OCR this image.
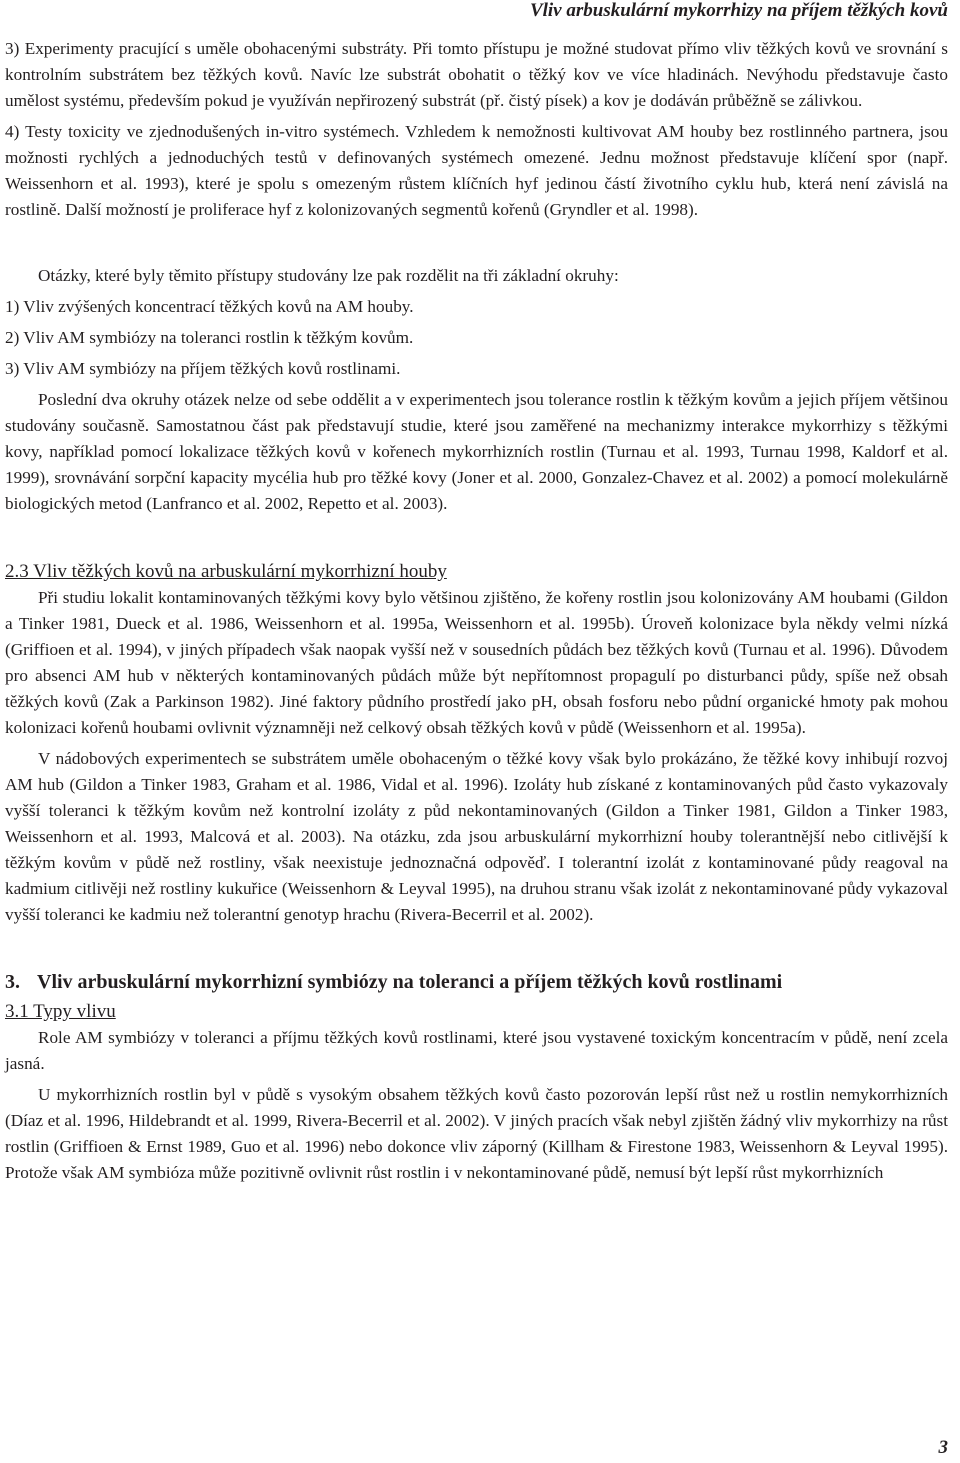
Vliv arbuskulární mykorrhizy na příjem těžkých kovů

3) Experimenty pracující s uměle obohacenými substráty. Při tomto přístupu je možné studovat přímo vliv těžkých kovů ve srovnání s kontrolním substrátem bez těžkých kovů. Navíc lze substrát obohatit o těžký kov ve více hladinách. Nevýhodu představuje často umělost systému, především pokud je využíván nepřirozený substrát (př. čistý písek) a kov je dodáván průběžně se zálivkou.

4) Testy toxicity ve zjednodušených in-vitro systémech. Vzhledem k nemožnosti kultivovat AM houby bez rostlinného partnera, jsou možnosti rychlých a jednoduchých testů v definovaných systémech omezené. Jednu možnost představuje klíčení spor (např. Weissenhorn et al. 1993), které je spolu s omezeným růstem klíčních hyf jedinou částí životního cyklu hub, která není závislá na rostlině. Další možností je proliferace hyf z kolonizovaných segmentů kořenů (Gryndler et al. 1998).

Otázky, které byly těmito přístupy studovány lze pak rozdělit na tři základní okruhy:

1) Vliv zvýšených koncentrací těžkých kovů na AM houby.

2) Vliv AM symbiózy na toleranci rostlin k těžkým kovům.

3) Vliv AM symbiózy na příjem těžkých kovů rostlinami.

Poslední dva okruhy otázek nelze od sebe oddělit a v experimentech jsou tolerance rostlin k těžkým kovům a jejich příjem většinou studovány současně. Samostatnou část pak představují studie, které jsou zaměřené na mechanizmy interakce mykorrhizy s těžkými kovy, například pomocí lokalizace těžkých kovů v kořenech mykorrhizních rostlin (Turnau et al. 1993, Turnau 1998, Kaldorf et al. 1999), srovnávání sorpční kapacity mycélia hub pro těžké kovy (Joner et al. 2000, Gonzalez-Chavez et al. 2002) a pomocí molekulárně biologických metod (Lanfranco et al. 2002, Repetto et al. 2003).

2.3 Vliv těžkých kovů na arbuskulární mykorrhizní houby

Při studiu lokalit kontaminovaných těžkými kovy bylo většinou zjištěno, že kořeny rostlin jsou kolonizovány AM houbami (Gildon a Tinker 1981, Dueck et al. 1986, Weissenhorn et al. 1995a, Weissenhorn et al. 1995b). Úroveň kolonizace byla někdy velmi nízká (Griffioen et al. 1994), v jiných případech však naopak vyšší než v sousedních půdách bez těžkých kovů (Turnau et al. 1996). Důvodem pro absenci AM hub v některých kontaminovaných půdách může být nepřítomnost propagulí po disturbanci půdy, spíše než obsah těžkých kovů (Zak a Parkinson 1982). Jiné faktory půdního prostředí jako pH, obsah fosforu nebo půdní organické hmoty pak mohou kolonizaci kořenů houbami ovlivnit významněji než celkový obsah těžkých kovů v půdě (Weissenhorn et al. 1995a).

V nádobových experimentech se substrátem uměle obohaceným o těžké kovy však bylo prokázáno, že těžké kovy inhibují rozvoj AM hub (Gildon a Tinker 1983, Graham et al. 1986, Vidal et al. 1996). Izoláty hub získané z kontaminovaných půd často vykazovaly vyšší toleranci k těžkým kovům než kontrolní izoláty z půd nekontaminovaných (Gildon a Tinker 1981, Gildon a Tinker 1983, Weissenhorn et al. 1993, Malcová et al. 2003). Na otázku, zda jsou arbuskulární mykorrhizní houby tolerantnější nebo citlivější k těžkým kovům v půdě než rostliny, však neexistuje jednoznačná odpověď. I tolerantní izolát z kontaminované půdy reagoval na kadmium citlivěji než rostliny kukuřice (Weissenhorn & Leyval 1995), na druhou stranu však izolát z nekontaminované půdy vykazoval vyšší toleranci ke kadmiu než tolerantní genotyp hrachu (Rivera-Becerril et al. 2002).

3. Vliv arbuskulární mykorrhizní symbiózy na toleranci a příjem těžkých kovů rostlinami
3.1 Typy vlivu

Role AM symbiózy v toleranci a příjmu těžkých kovů rostlinami, které jsou vystavené toxickým koncentracím v půdě, není zcela jasná.

U mykorrhizních rostlin byl v půdě s vysokým obsahem těžkých kovů často pozorován lepší růst než u rostlin nemykorrhizních (Díaz et al. 1996, Hildebrandt et al. 1999, Rivera-Becerril et al. 2002). V jiných pracích však nebyl zjištěn žádný vliv mykorrhizy na růst rostlin (Griffioen & Ernst 1989, Guo et al. 1996) nebo dokonce vliv záporný (Killham & Firestone 1983, Weissenhorn & Leyval 1995). Protože však AM symbióza může pozitivně ovlivnit růst rostlin i v nekontaminované půdě, nemusí být lepší růst mykorrhizních

3
